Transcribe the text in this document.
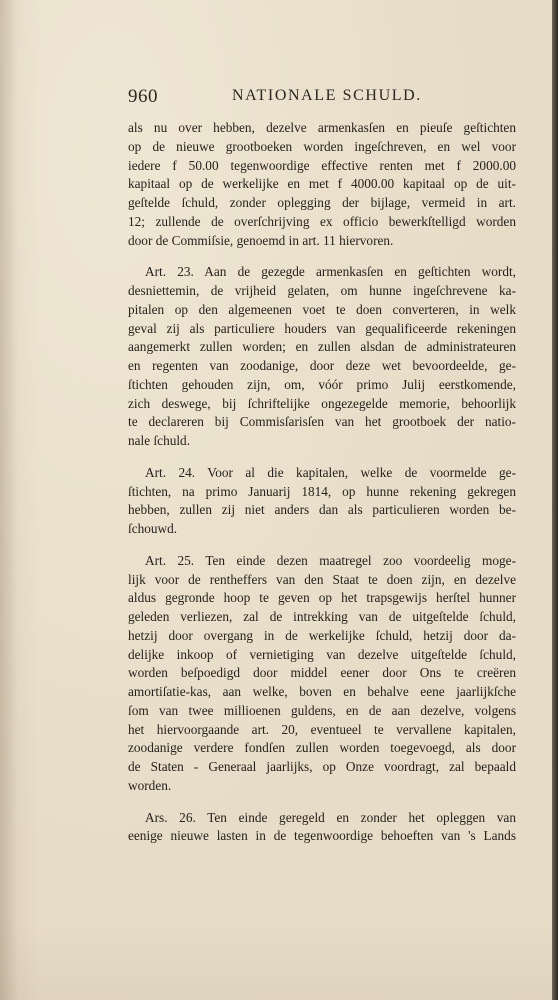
960	NATIONALE SCHULD.
als nu over hebben, dezelve armenkasſen en pieuſe geſtichten
op de nieuwe grootboeken worden ingeſchreven, en wel voor
iedere f 50.00 tegenwoordige effective renten met f 2000.00
kapitaal op de werkelijke en met f 4000.00 kapitaal op de uit-
geſtelde ſchuld, zonder oplegging der bijlage, vermeid in art.
12; zullende de overſchrijving ex officio bewerkſtelligd worden
door de Commiſsie, genoemd in art. 11 hiervoren.
Art. 23. Aan de gezegde armenkasſen en geſtichten wordt,
desniettemin, de vrijheid gelaten, om hunne ingeſchrevene ka-
pitalen op den algemeenen voet te doen converteren, in welk
geval zij als particuliere houders van gequalificeerde rekeningen
aangemerkt zullen worden; en zullen alsdan de administrateuren
en regenten van zoodanige, door deze wet bevoordeelde, ge-
ſtichten gehouden zijn, om, vóór primo Julij eerstkomende,
zich deswege, bij ſchriftelijke ongezegelde memorie, behoorlijk
te declareren bij Commisſarisſen van het grootboek der natio-
nale ſchuld.
Art. 24. Voor al die kapitalen, welke de voormelde ge-
ſtichten, na primo Januarij 1814, op hunne rekening gekregen
hebben, zullen zij niet anders dan als particulieren worden be-
ſchouwd.
Art. 25. Ten einde dezen maatregel zoo voordeelig moge-
lijk voor de rentheffers van den Staat te doen zijn, en dezelve
aldus gegronde hoop te geven op het trapsgewijs herſtel hunner
geleden verliezen, zal de intrekking van de uitgeſtelde ſchuld,
hetzij door overgang in de werkelijke ſchuld, hetzij door da-
delijke inkoop of vernietiging van dezelve uitgeſtelde ſchuld,
worden beſpoedigd door middel eener door Ons te creëren
amortiſatie-kas, aan welke, boven en behalve eene jaarlijkſche
ſom van twee millioenen guldens, en de aan dezelve, volgens
het hiervoorgaande art. 20, eventueel te vervallene kapitalen,
zoodanige verdere fondſen zullen worden toegevoegd, als door
de Staten - Generaal jaarlijks, op Onze voordragt, zal bepaald
worden.
Ars. 26. Ten einde geregeld en zonder het opleggen van
eenige nieuwe lasten in de tegenwoordige behoeften van 's Lands
